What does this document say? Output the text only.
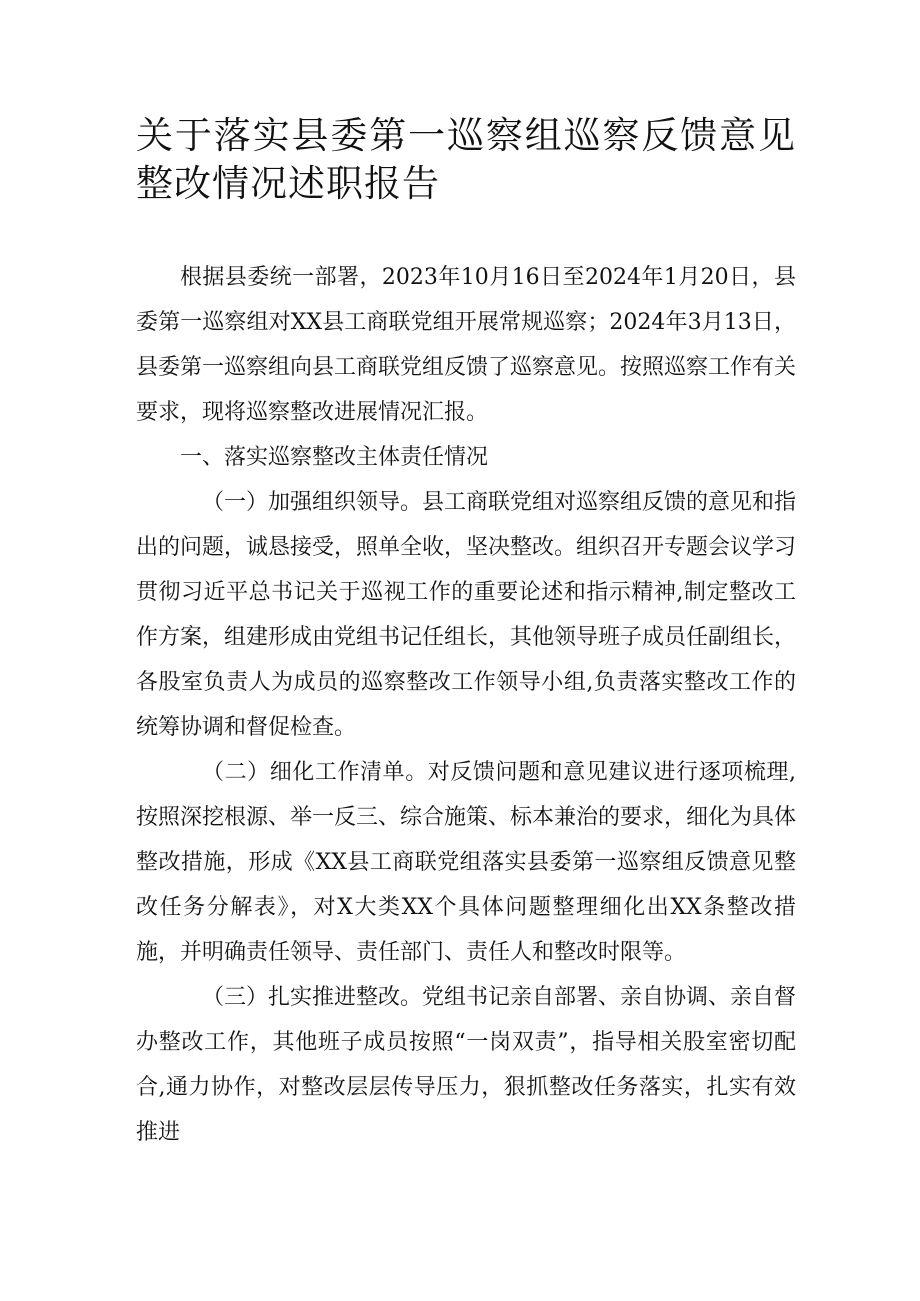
关于落实县委第一巡察组巡察反馈意见整改情况述职报告

根据县委统一部署，2023年10月16日至2024年1月20日，县委第一巡察组对XX县工商联党组开展常规巡察；2024年3月13日，县委第一巡察组向县工商联党组反馈了巡察意见。按照巡察工作有关要求，现将巡察整改进展情况汇报。

一、落实巡察整改主体责任情况

（一）加强组织领导。县工商联党组对巡察组反馈的意见和指出的问题，诚恳接受，照单全收，坚决整改。组织召开专题会议学习贯彻习近平总书记关于巡视工作的重要论述和指示精神,制定整改工作方案，组建形成由党组书记任组长，其他领导班子成员任副组长，各股室负责人为成员的巡察整改工作领导小组,负责落实整改工作的统筹协调和督促检查。

（二）细化工作清单。对反馈问题和意见建议进行逐项梳理,按照深挖根源、举一反三、综合施策、标本兼治的要求，细化为具体整改措施，形成《XX县工商联党组落实县委第一巡察组反馈意见整改任务分解表》，对X大类XX个具体问题整理细化出XX条整改措施，并明确责任领导、责任部门、责任人和整改时限等。

（三）扎实推进整改。党组书记亲自部署、亲自协调、亲自督办整改工作，其他班子成员按照“一岗双责”，指导相关股室密切配合,通力协作，对整改层层传导压力，狠抓整改任务落实，扎实有效推进
